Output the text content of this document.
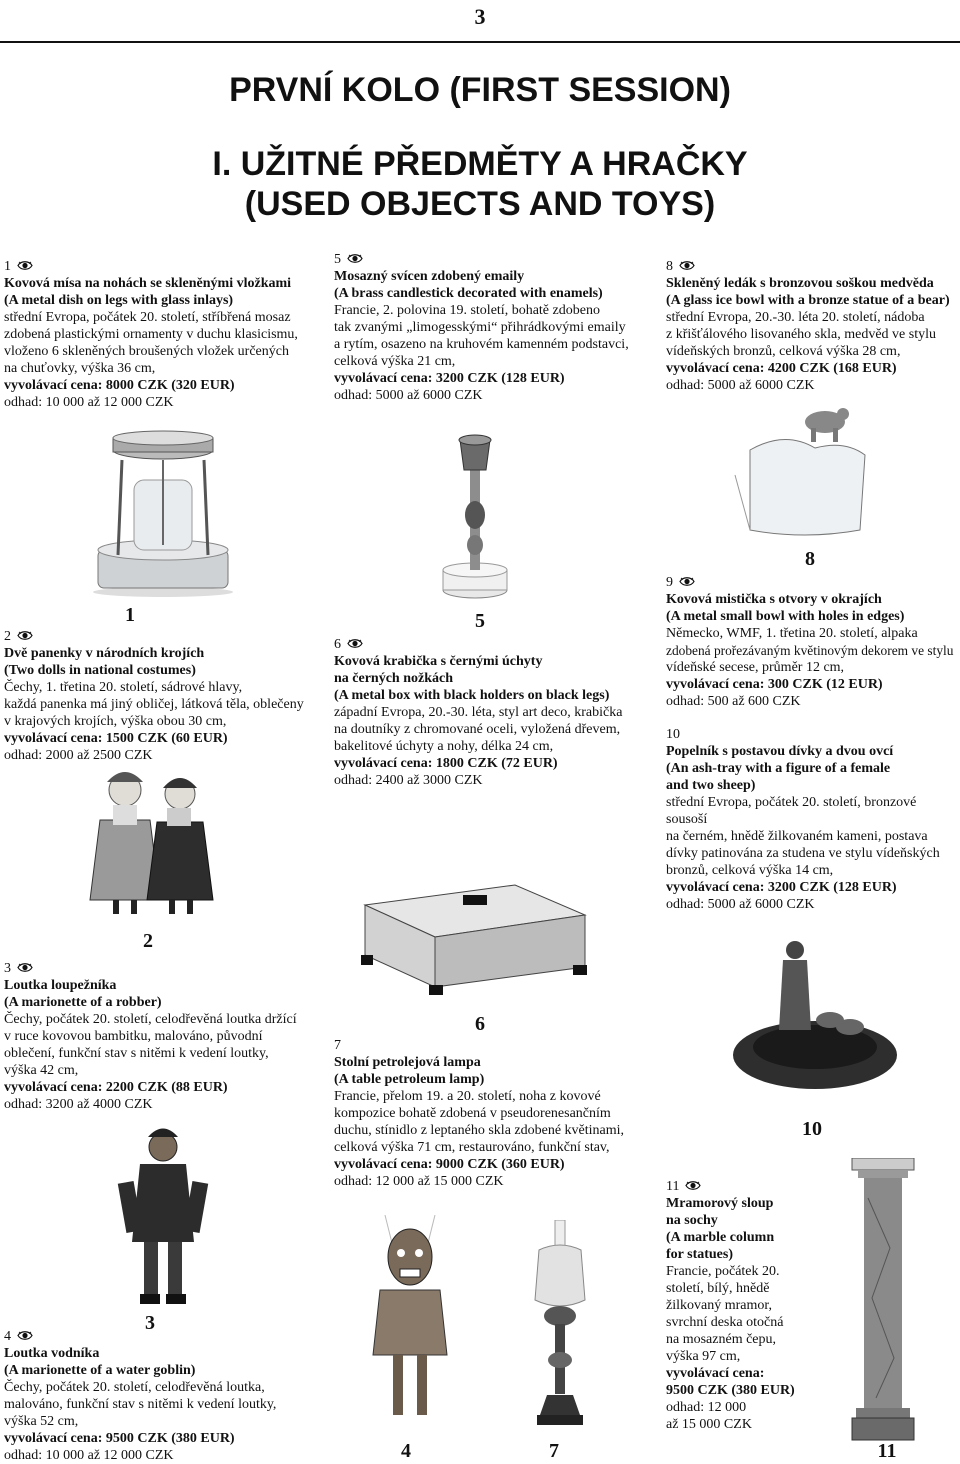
3
PRVNÍ KOLO (FIRST SESSION)
I. UŽITNÉ PŘEDMĚTY A HRAČKY
(USED OBJECTS AND TOYS)
1
Kovová mísa na nohách se skleněnými vložkami
(A metal dish on legs with glass inlays)
střední Evropa, počátek 20. století, stříbřená mosaz
zdobená plastickými ornamenty v duchu klasicismu,
vloženo 6 skleněných broušených vložek určených
na chuťovky, výška 36 cm,
vyvolávací cena: 8000 CZK (320 EUR)
odhad: 10 000 až 12 000 CZK
5
Mosazný svícen zdobený emaily
(A brass candlestick decorated with enamels)
Francie, 2. polovina 19. století, bohatě zdobeno
tak zvanými „limogesskými“ přihrádkovými emaily
a rytím, osazeno na kruhovém kamenném podstavci,
celková výška 21 cm,
vyvolávací cena: 3200 CZK (128 EUR)
odhad: 5000 až 6000 CZK
8
Skleněný ledák s bronzovou soškou medvěda
(A glass ice bowl with a bronze statue of a bear)
střední Evropa, 20.-30. léta 20. století, nádoba
z křišťálového lisovaného skla, medvěd ve stylu
vídeňských bronzů, celková výška 28 cm,
vyvolávací cena: 4200 CZK (168 EUR)
odhad: 5000 až 6000 CZK
1	5
8
2
Dvě panenky v národních krojích
(Two dolls in national costumes)
Čechy, 1. třetina 20. století, sádrové hlavy,
každá panenka má jiný obličej, látková těla, oblečeny
v krajových krojích, výška obou 30 cm,
vyvolávací cena: 1500 CZK (60 EUR)
odhad: 2000 až 2500 CZK
6
Kovová krabička s černými úchyty
na černých nožkách
(A metal box with black holders on black legs)
západní Evropa, 20.-30. léta, styl art deco, krabička
na doutníky z chromované oceli, vyložená dřevem,
bakelitové úchyty a nohy, délka 24 cm,
vyvolávací cena: 1800 CZK (72 EUR)
odhad: 2400 až 3000 CZK
9
Kovová mistička s otvory v okrajích
(A metal small bowl with holes in edges)
Německo, WMF, 1. třetina 20. století, alpaka
zdobená prořezávaným květinovým dekorem ve stylu
vídeňské secese, průměr 12 cm,
vyvolávací cena: 300 CZK (12 EUR)
odhad: 500 až 600 CZK
10
Popelník s postavou dívky a dvou ovcí
(An ash-tray with a figure of a female
and two sheep)
střední Evropa, počátek 20. století, bronzové sousoší
na černém, hnědě žilkovaném kameni, postava
dívky patinována za studena ve stylu vídeňských
bronzů, celková výška 14 cm,
vyvolávací cena: 3200 CZK (128 EUR)
odhad: 5000 až 6000 CZK
2
6
10
3
Loutka loupežníka
(A marionette of a robber)
Čechy, počátek 20. století, celodřevěná loutka držící
v ruce kovovou bambitku, malováno, původní
oblečení, funkční stav s nitěmi k vedení loutky,
výška 42 cm,
vyvolávací cena: 2200 CZK (88 EUR)
odhad: 3200 až 4000 CZK
7
Stolní petrolejová lampa
(A table petroleum lamp)
Francie, přelom 19. a 20. století, noha z kovové
kompozice bohatě zdobená v pseudorenesančním
duchu, stínidlo z leptaného skla zdobené květinami,
celková výška 71 cm, restaurováno, funkční stav,
vyvolávací cena: 9000 CZK (360 EUR)
odhad: 12 000 až 15 000 CZK	11
Mramorový sloup
na sochy
(A marble column
for statues)
Francie, počátek 20.
století, bílý, hnědě
žilkovaný mramor,
svrchní deska otočná
na mosazném čepu,
výška 97 cm,
vyvolávací cena:
9500 CZK (380 EUR)
odhad: 12 000
až 15 000 CZK
3
4
Loutka vodníka
(A marionette of a water goblin)
Čechy, počátek 20. století, celodřevěná loutka,
malováno, funkční stav s nitěmi k vedení loutky,
výška 52 cm,
vyvolávací cena: 9500 CZK (380 EUR)
odhad: 10 000 až 12 000 CZK	4	7	11
